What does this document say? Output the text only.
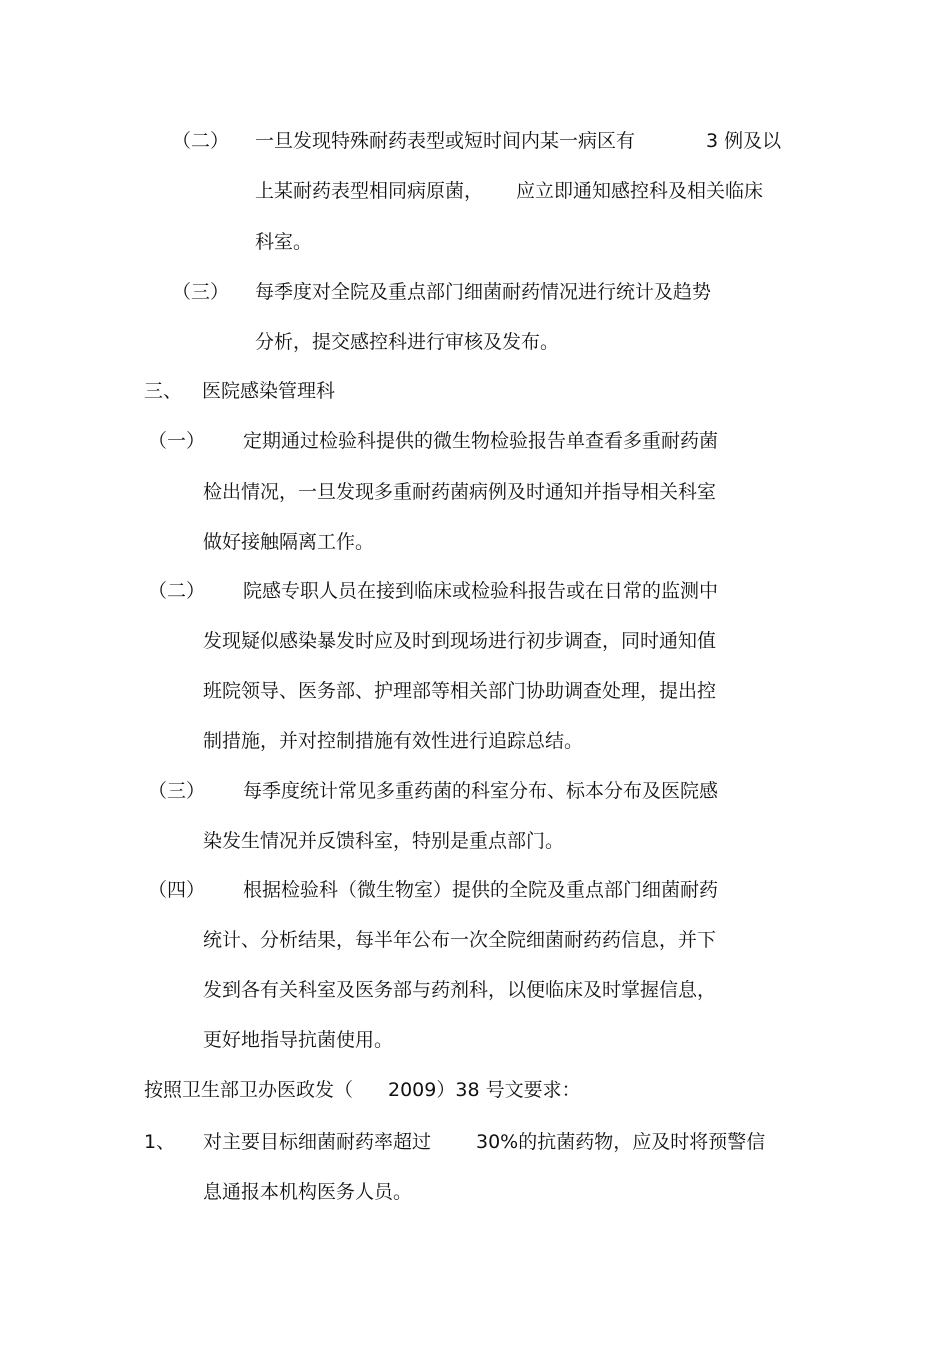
（二） 一旦发现特殊耐药表型或短时间内某一病区有	3 例及以
上某耐药表型相同病原菌， 应立即通知感控科及相关临床
科室。
（三） 每季度对全院及重点部门细菌耐药情况进行统计及趋势
分析，提交感控科进行审核及发布。
三、 医院感染管理科
（一） 定期通过检验科提供的微生物检验报告单查看多重耐药菌
检出情况，一旦发现多重耐药菌病例及时通知并指导相关科室
做好接触隔离工作。
（二） 院感专职人员在接到临床或检验科报告或在日常的监测中
发现疑似感染暴发时应及时到现场进行初步调查，同时通知值
班院领导、医务部、护理部等相关部门协助调查处理，提出控
制措施，并对控制措施有效性进行追踪总结。
（三） 每季度统计常见多重药菌的科室分布、标本分布及医院感
染发生情况并反馈科室，特别是重点部门。
（四） 根据检验科（微生物室）提供的全院及重点部门细菌耐药
统计、分析结果，每半年公布一次全院细菌耐药药信息，并下
发到各有关科室及医务部与药剂科，以便临床及时掌握信息，
更好地指导抗菌使用。
按照卫生部卫办医政发（ 2009）38 号文要求：
1、 对主要目标细菌耐药率超过 30%的抗菌药物，应及时将预警信
息通报本机构医务人员。
